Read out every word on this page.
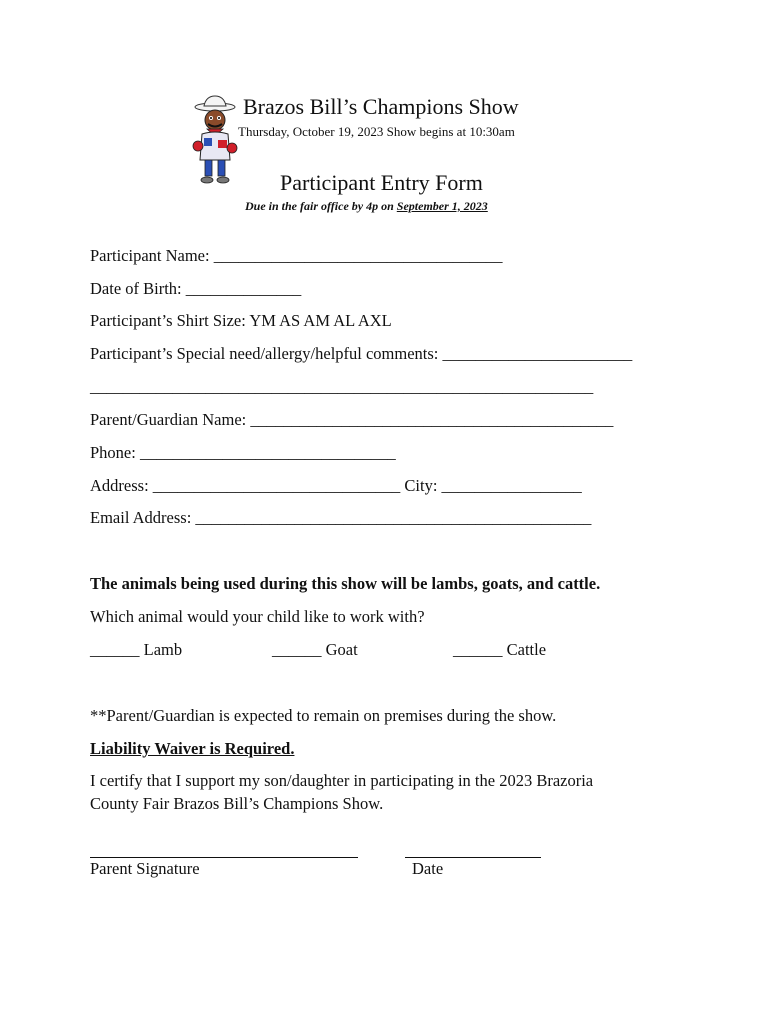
Brazos Bill’s Champions Show
Thursday, October 19, 2023 Show begins at 10:30am
Participant Entry Form
Due in the fair office by 4p on September 1, 2023
Participant Name: ___________________________________
Date of Birth: ______________
Participant’s Shirt Size: YM AS AM AL AXL
Participant’s Special need/allergy/helpful comments: _______________________
_____________________________________________________________
Parent/Guardian Name: ____________________________________________
Phone: _______________________________
Address: ______________________________ City: _________________
Email Address: ________________________________________________
The animals being used during this show will be lambs, goats, and cattle.
Which animal would your child like to work with?
______ Lamb	______ Goat	______ Cattle
**Parent/Guardian is expected to remain on premises during the show.
Liability Waiver is Required.
I certify that I support my son/daughter in participating in the 2023 Brazoria
County Fair Brazos Bill’s Champions Show.
Parent Signature	Date
